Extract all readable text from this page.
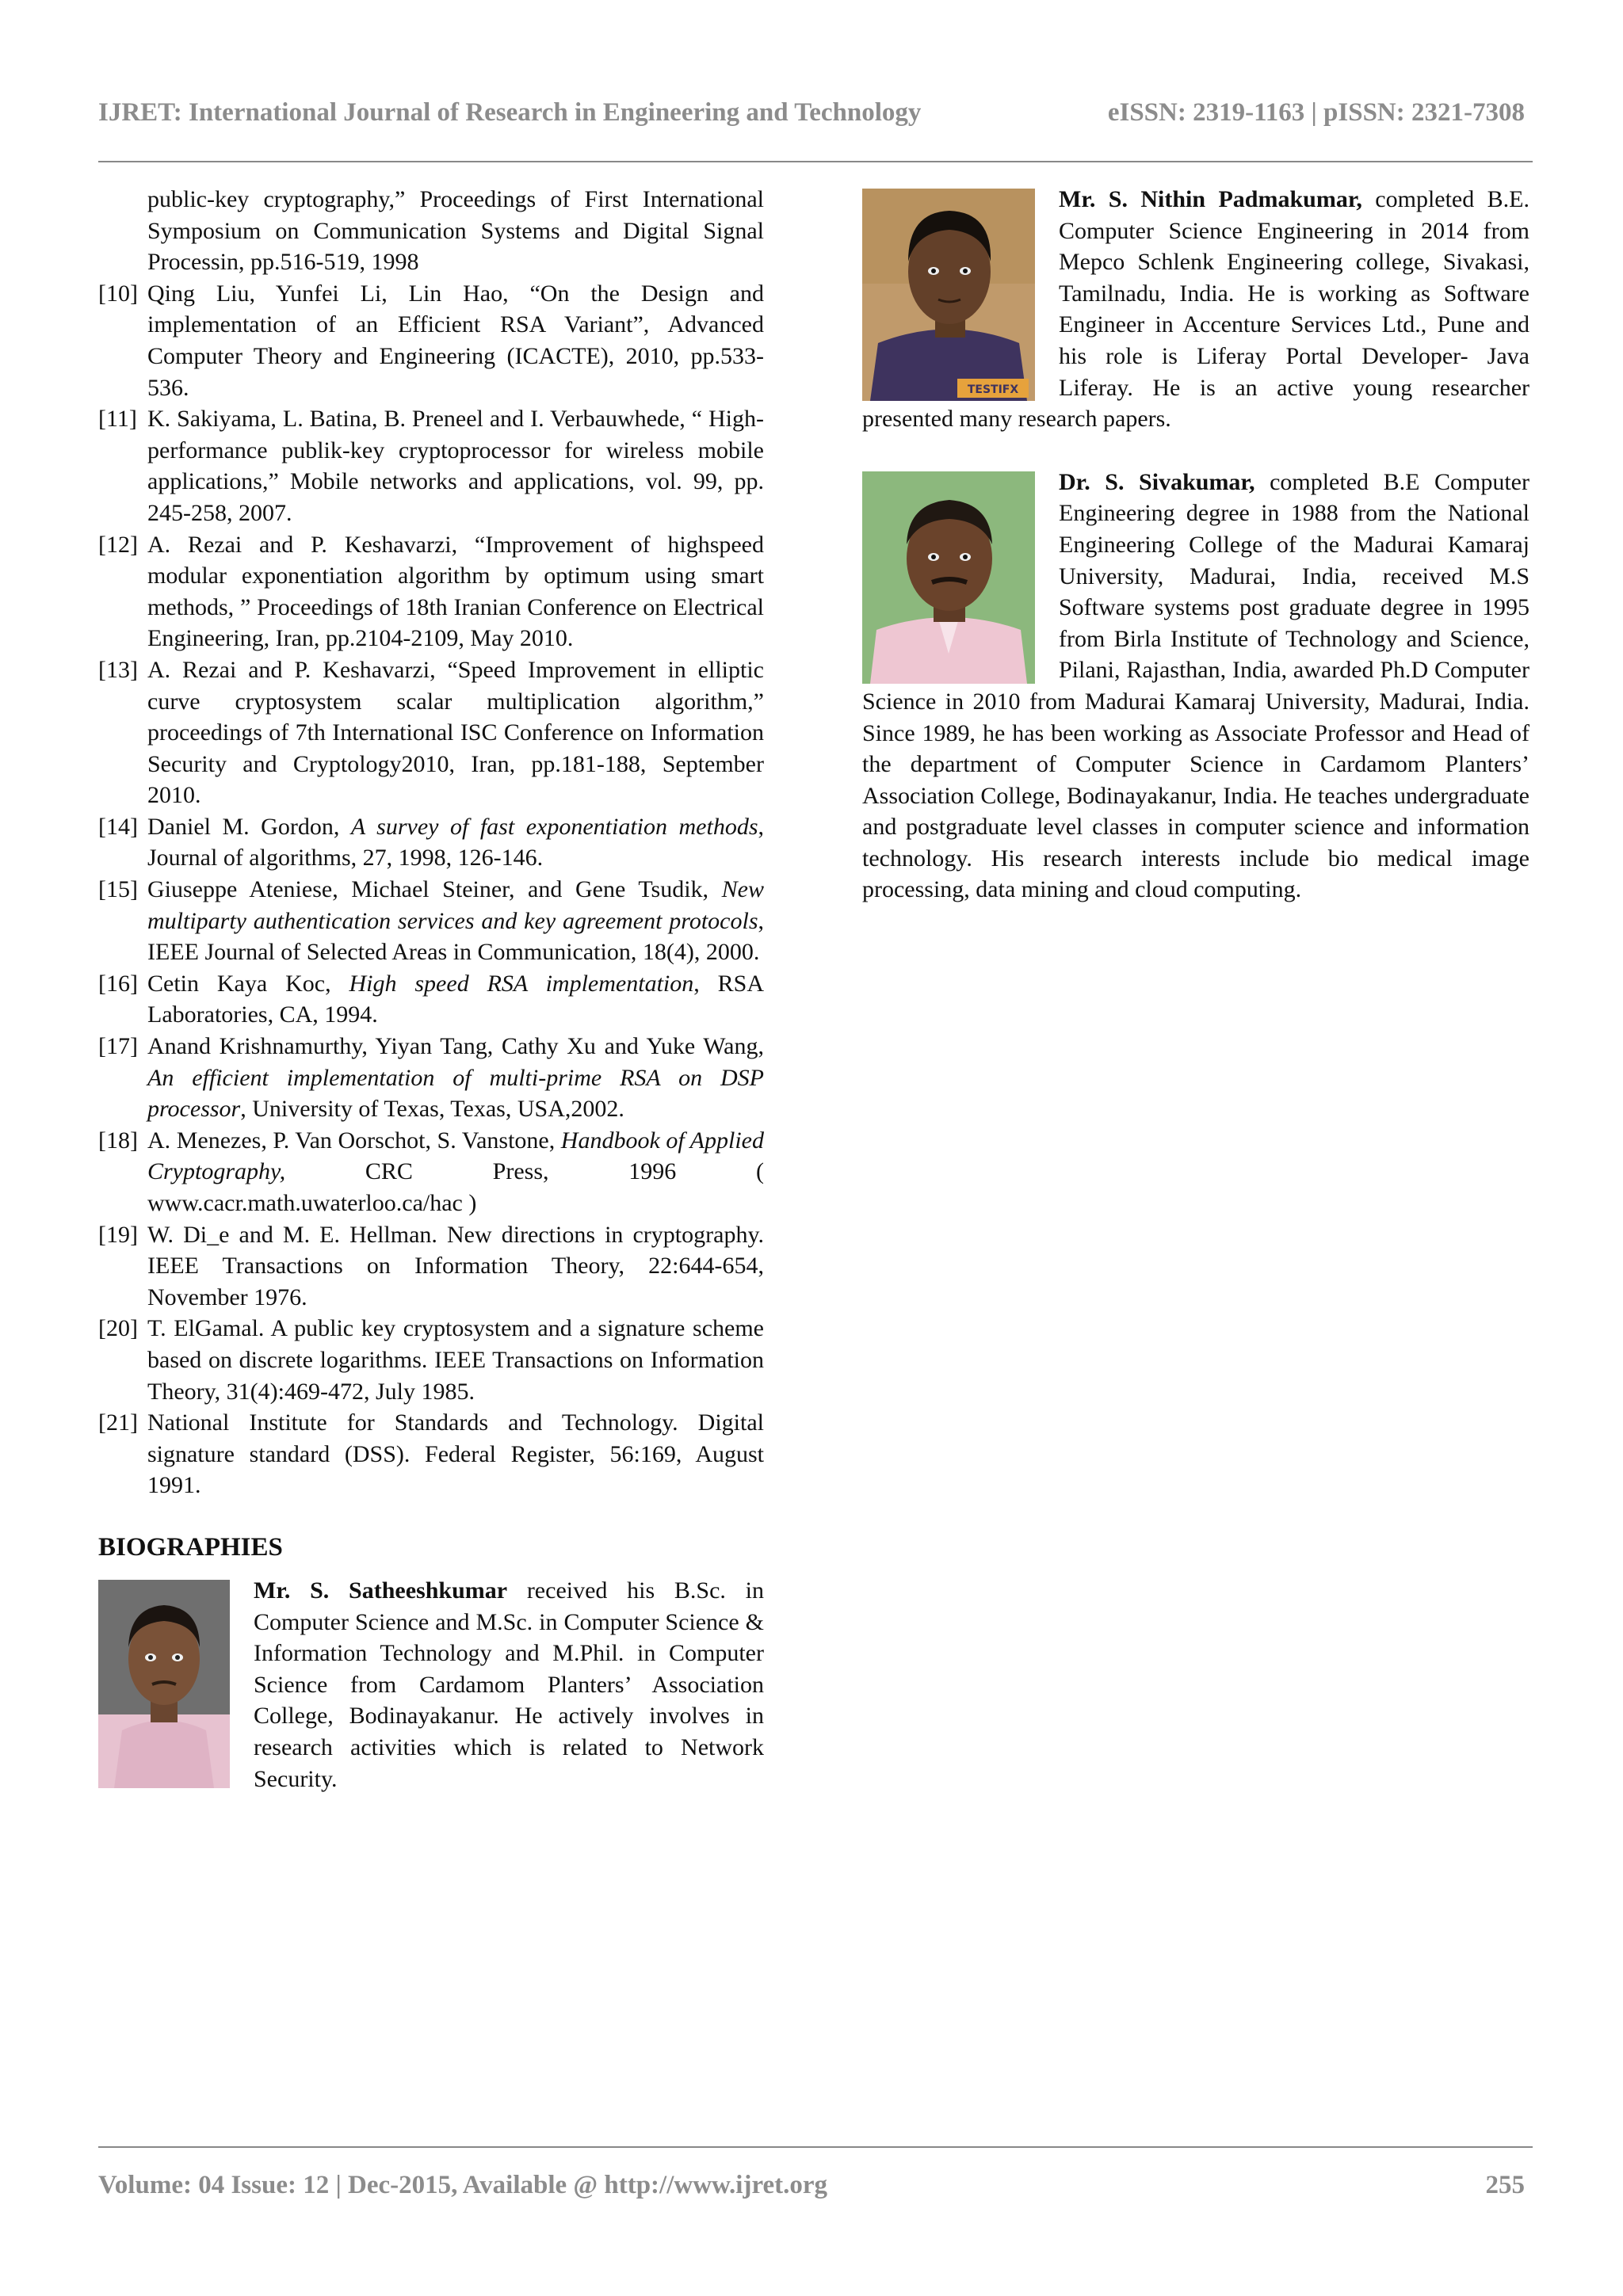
IJRET: International Journal of Research in Engineering and Technology	eISSN: 2319-1163 | pISSN: 2321-7308
public-key cryptography,” Proceedings of First International Symposium on Communication Systems and Digital Signal Processin, pp.516-519, 1998
[10] Qing Liu, Yunfei Li, Lin Hao, “On the Design and implementation of an Efficient RSA Variant”, Advanced Computer Theory and Engineering (ICACTE), 2010, pp.533-536.
[11] K. Sakiyama, L. Batina, B. Preneel and I. Verbauwhede, “ High-performance publik-key cryptoprocessor for wireless mobile applications,” Mobile networks and applications, vol. 99, pp. 245-258, 2007.
[12] A. Rezai and P. Keshavarzi, “Improvement of highspeed modular exponentiation algorithm by optimum using smart methods, ” Proceedings of 18th Iranian Conference on Electrical Engineering, Iran, pp.2104-2109, May 2010.
[13] A. Rezai and P. Keshavarzi, “Speed Improvement in elliptic curve cryptosystem scalar multiplication algorithm,” proceedings of 7th International ISC Conference on Information Security and Cryptology2010, Iran, pp.181-188, September 2010.
[14] Daniel M. Gordon, A survey of fast exponentiation methods, Journal of algorithms, 27, 1998, 126-146.
[15] Giuseppe Ateniese, Michael Steiner, and Gene Tsudik, New multiparty authentication services and key agreement protocols, IEEE Journal of Selected Areas in Communication, 18(4), 2000.
[16] Cetin Kaya Koc, High speed RSA implementation, RSA Laboratories, CA, 1994.
[17] Anand Krishnamurthy, Yiyan Tang, Cathy Xu and Yuke Wang, An efficient implementation of multi-prime RSA on DSP processor, University of Texas, Texas, USA,2002.
[18] A. Menezes, P. Van Oorschot, S. Vanstone, Handbook of Applied Cryptography, CRC Press, 1996 ( www.cacr.math.uwaterloo.ca/hac )
[19] W. Di_e and M. E. Hellman. New directions in cryptography. IEEE Transactions on Information Theory, 22:644-654, November 1976.
[20] T. ElGamal. A public key cryptosystem and a signature scheme based on discrete logarithms. IEEE Transactions on Information Theory, 31(4):469-472, July 1985.
[21] National Institute for Standards and Technology. Digital signature standard (DSS). Federal Register, 56:169, August 1991.
BIOGRAPHIES
Mr. S. Satheeshkumar received his B.Sc. in Computer Science and M.Sc. in Computer Science & Information Technology and M.Phil. in Computer Science from Cardamom Planters’ Association College, Bodinayakanur. He actively involves in research activities which is related to Network Security.
TESTIFX
Mr. S. Nithin Padmakumar, completed B.E. Computer Science Engineering in 2014 from Mepco Schlenk Engineering college, Sivakasi, Tamilnadu, India. He is working as Software Engineer in Accenture Services Ltd., Pune and his role is Liferay Portal Developer- Java Liferay. He is an active young researcher presented many research papers.
Dr. S. Sivakumar, completed B.E Computer Engineering degree in 1988 from the National Engineering College of the Madurai Kamaraj University, Madurai, India, received M.S Software systems post graduate degree in 1995 from Birla Institute of Technology and Science, Pilani, Rajasthan, India, awarded Ph.D Computer Science in 2010 from Madurai Kamaraj University, Madurai, India. Since 1989, he has been working as Associate Professor and Head of the department of Computer Science in Cardamom Planters’ Association College, Bodinayakanur, India. He teaches undergraduate and postgraduate level classes in computer science and information technology. His research interests include bio medical image processing, data mining and cloud computing.
Volume: 04 Issue: 12 | Dec-2015, Available @ http://www.ijret.org	255
